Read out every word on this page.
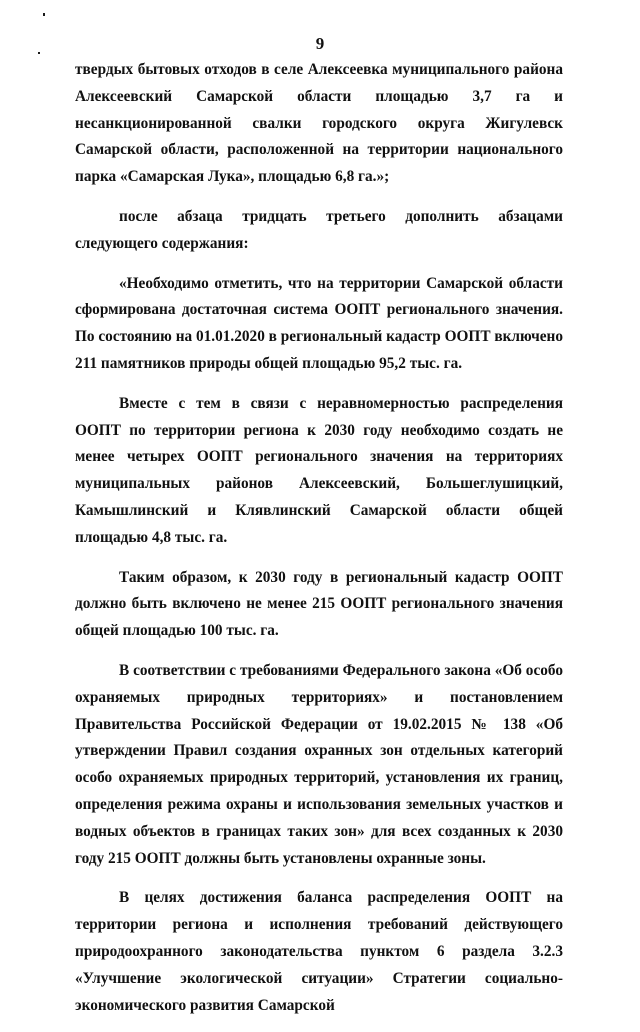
9

твердых бытовых отходов в селе Алексеевка муниципального района Алексеевский Самарской области площадью 3,7 га и несанкционированной свалки городского округа Жигулевск Самарской области, расположенной на территории национального парка «Самарская Лука», площадью 6,8 га.»;

после абзаца тридцать третьего дополнить абзацами следующего содержания:

«Необходимо отметить, что на территории Самарской области сформирована достаточная система ООПТ регионального значения. По состоянию на 01.01.2020 в региональный кадастр ООПТ включено 211 памятников природы общей площадью 95,2 тыс. га.

Вместе с тем в связи с неравномерностью распределения ООПТ по территории региона к 2030 году необходимо создать не менее четырех ООПТ регионального значения на территориях муниципальных районов Алексеевский, Большеглушицкий, Камышлинский и Клявлинский Самарской области общей площадью 4,8 тыс. га.

Таким образом, к 2030 году в региональный кадастр ООПТ должно быть включено не менее 215 ООПТ регионального значения общей площадью 100 тыс. га.

В соответствии с требованиями Федерального закона «Об особо охраняемых природных территориях» и постановлением Правительства Российской Федерации от 19.02.2015 № 138 «Об утверждении Правил создания охранных зон отдельных категорий особо охраняемых природных территорий, установления их границ, определения режима охраны и использования земельных участков и водных объектов в границах таких зон» для всех созданных к 2030 году 215 ООПТ должны быть установлены охранные зоны.

В целях достижения баланса распределения ООПТ на территории региона и исполнения требований действующего природоохранного законодательства пунктом 6 раздела 3.2.3 «Улучшение экологической ситуации» Стратегии социально-экономического развития Самарской
